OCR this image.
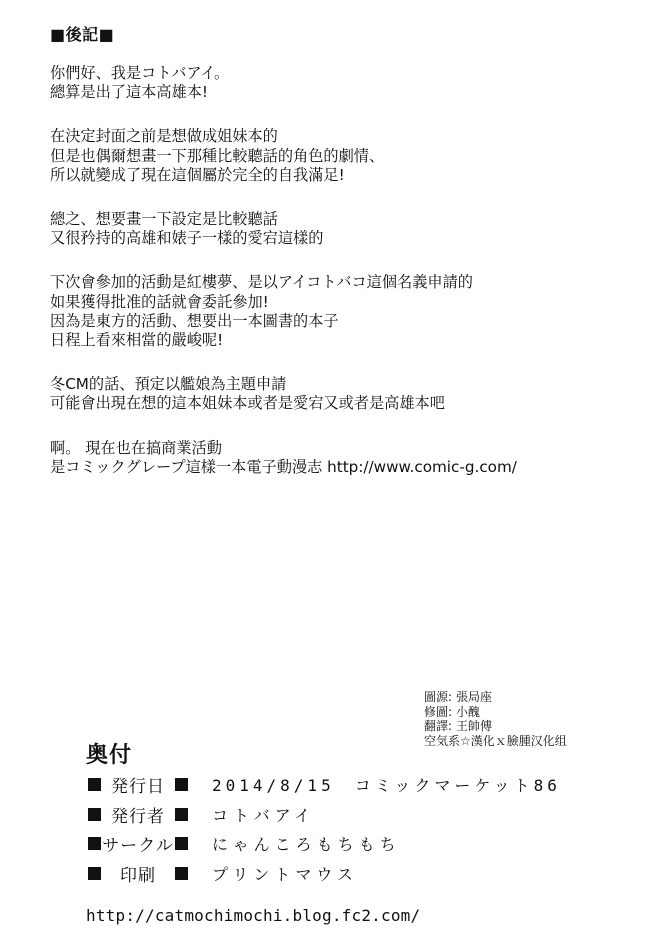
■後記■

你們好、我是コトバアイ。
總算是出了這本高雄本!

在決定封面之前是想做成姐妹本的
但是也偶爾想畫一下那種比較聽話的角色的劇情、
所以就變成了現在這個屬於完全的自我滿足!

總之、想要畫一下設定是比較聽話
又很矜持的高雄和婊子一樣的愛宕這樣的

下次會參加的活動是紅樓夢、是以アイコトバコ這個名義申請的
如果獲得批准的話就會委託參加!
因為是東方的活動、想要出一本圖書的本子
日程上看來相當的嚴峻呢!

冬CM的話、預定以艦娘為主題申請
可能會出現在想的這本姐妹本或者是愛宕又或者是高雄本吧

啊。 現在也在搞商業活動
是コミックグレープ這樣一本電子動漫志 http://www.comic-g.com/

圖源: 張局座
修圖: 小醜
翻譯: 王帥傅
空気系☆漢化ｘ臉腫汉化组
奥付
発行日	2014/8/15　コミックマーケット86
発行者	コトバアイ
サークル にゃんころもちもち
印刷	プリントマウス
http://catmochimochi.blog.fc2.com/
